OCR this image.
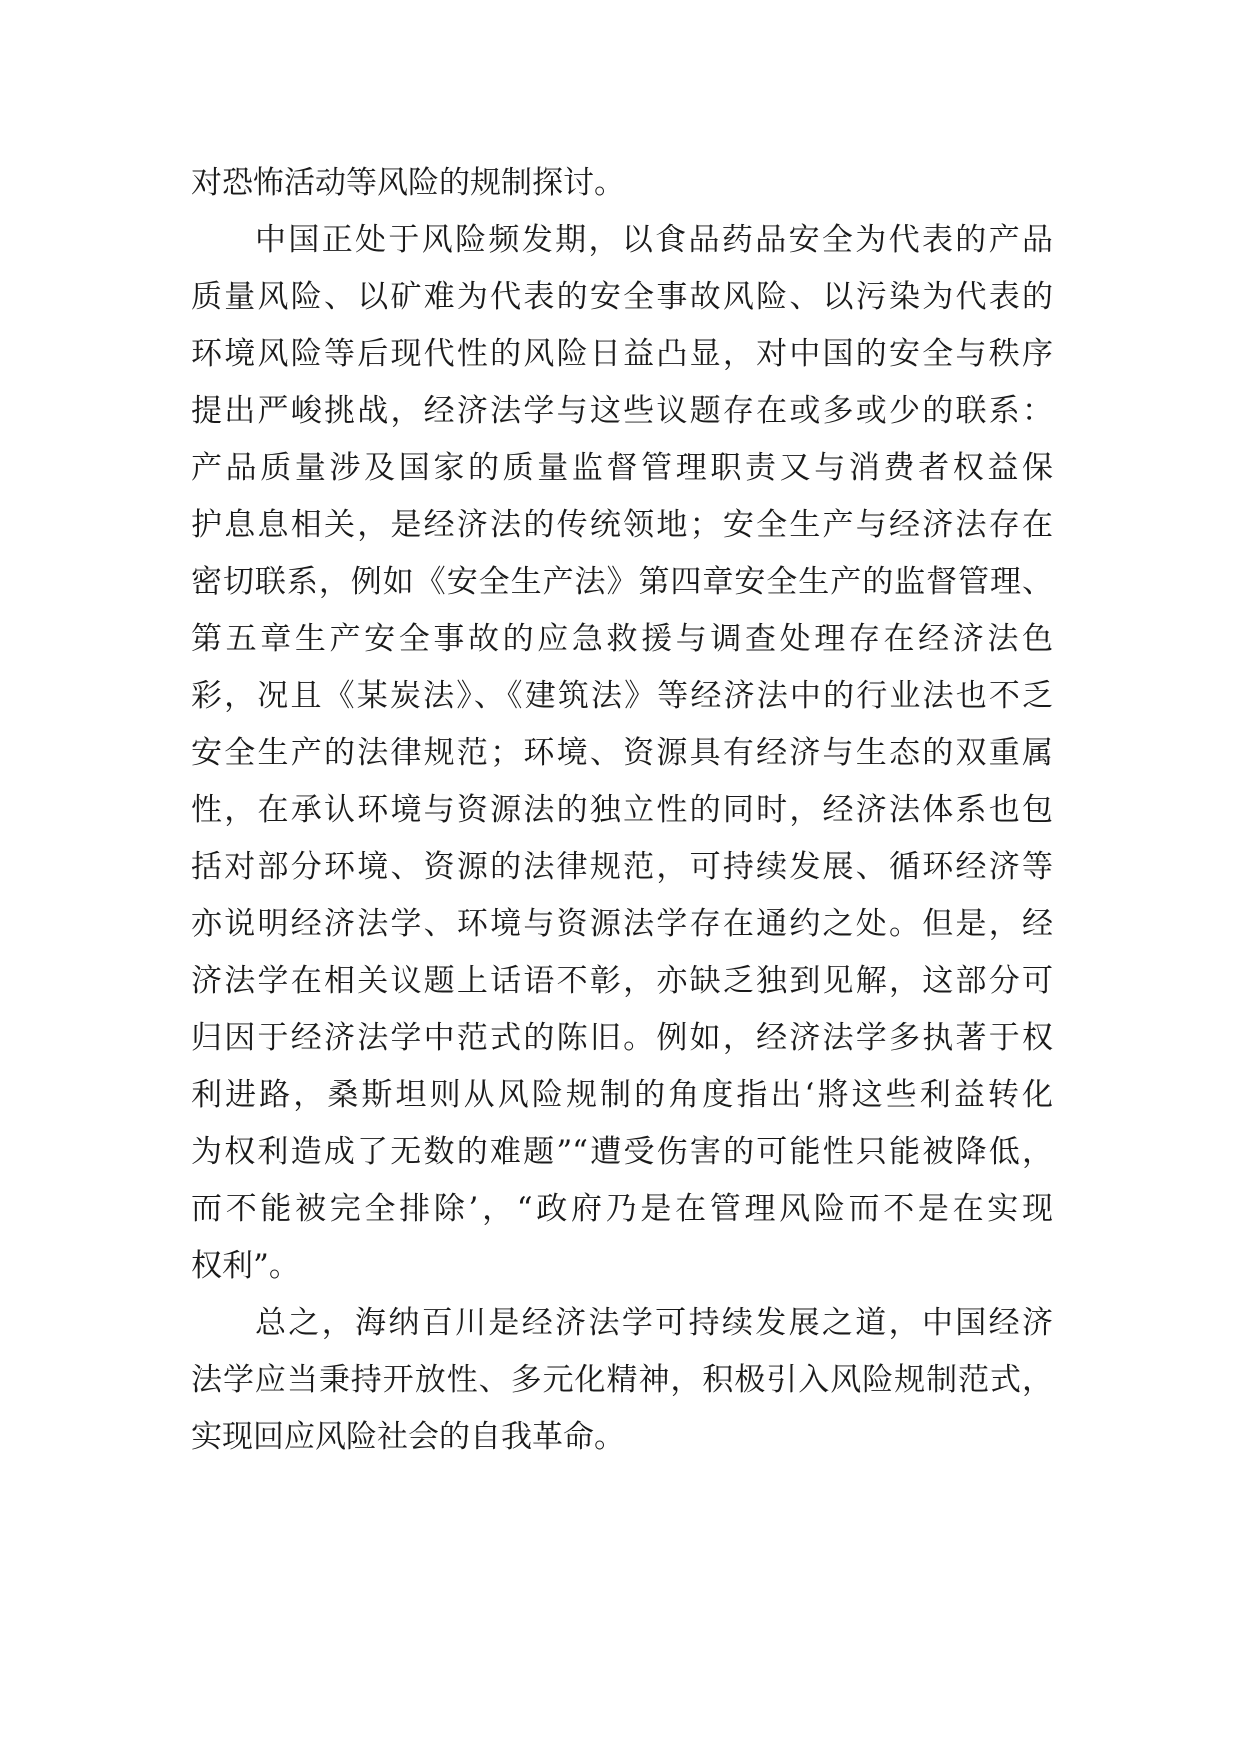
对恐怖活动等风险的规制探讨。
中国正处于风险频发期，以食品药品安全为代表的产品
质量风险、以矿难为代表的安全事故风险、以污染为代表的
环境风险等后现代性的风险日益凸显，对中国的安全与秩序
提出严峻挑战，经济法学与这些议题存在或多或少的联系：
产品质量涉及国家的质量监督管理职责又与消费者权益保
护息息相关，是经济法的传统领地；安全生产与经济法存在
密切联系，例如《安全生产法》第四章安全生产的监督管理、
第五章生产安全事故的应急救援与调查处理存在经济法色
彩，况且《某炭法》、《建筑法》等经济法中的行业法也不乏
安全生产的法律规范；环境、资源具有经济与生态的双重属
性，在承认环境与资源法的独立性的同时，经济法体系也包
括对部分环境、资源的法律规范，可持续发展、循环经济等
亦说明经济法学、环境与资源法学存在通约之处。但是，经
济法学在相关议题上话语不彰，亦缺乏独到见解，这部分可
归因于经济法学中范式的陈旧。例如，经济法学多执著于权
利进路，桑斯坦则从风险规制的角度指出‘將这些利益转化
为权利造成了无数的难题”“遭受伤害的可能性只能被降低，
而不能被完全排除’，“政府乃是在管理风险而不是在实现
权利”。
总之，海纳百川是经济法学可持续发展之道，中国经济
法学应当秉持开放性、多元化精神，积极引入风险规制范式，
实现回应风险社会的自我革命。
